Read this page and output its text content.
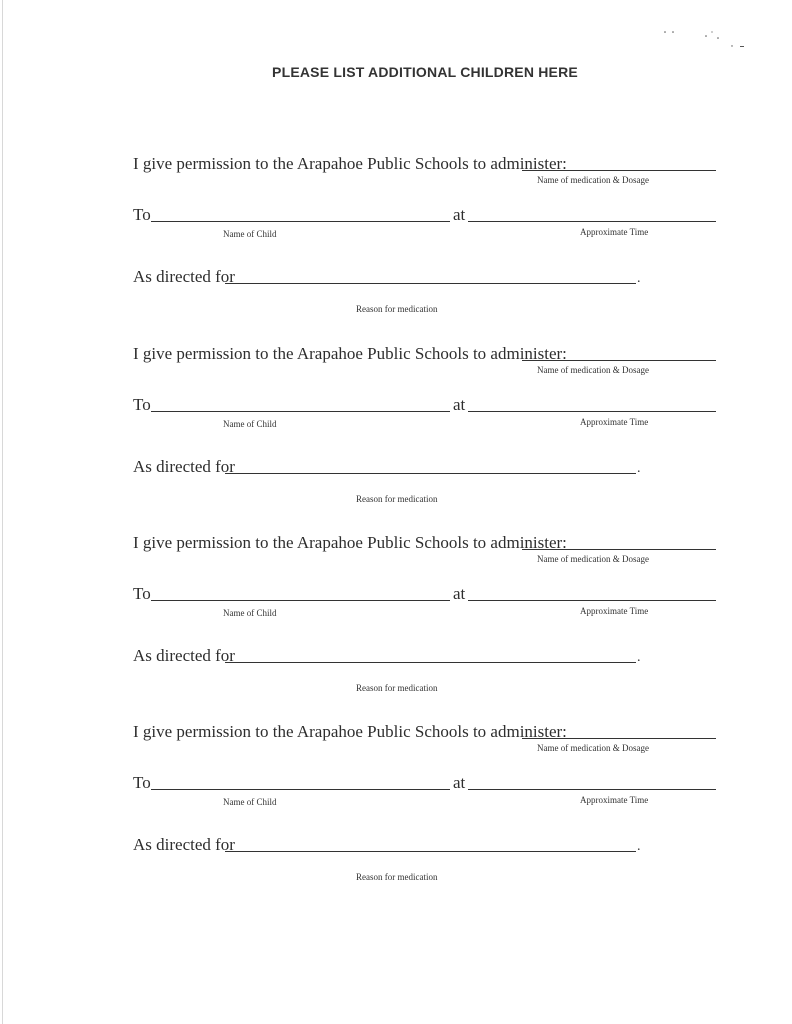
PLEASE LIST ADDITIONAL CHILDREN HERE
I give permission to the Arapahoe Public Schools to administer:
Name of medication & Dosage
To
Name of Child
at
Approximate Time
As directed for	.
Reason for medication
I give permission to the Arapahoe Public Schools to administer:
Name of medication & Dosage
To
Name of Child
at
Approximate Time
As directed for	.
Reason for medication
I give permission to the Arapahoe Public Schools to administer:
Name of medication & Dosage
To
Name of Child
at
Approximate Time
As directed for	.
Reason for medication
I give permission to the Arapahoe Public Schools to administer:
Name of medication & Dosage
To
Name of Child
at
Approximate Time
As directed for	.
Reason for medication
